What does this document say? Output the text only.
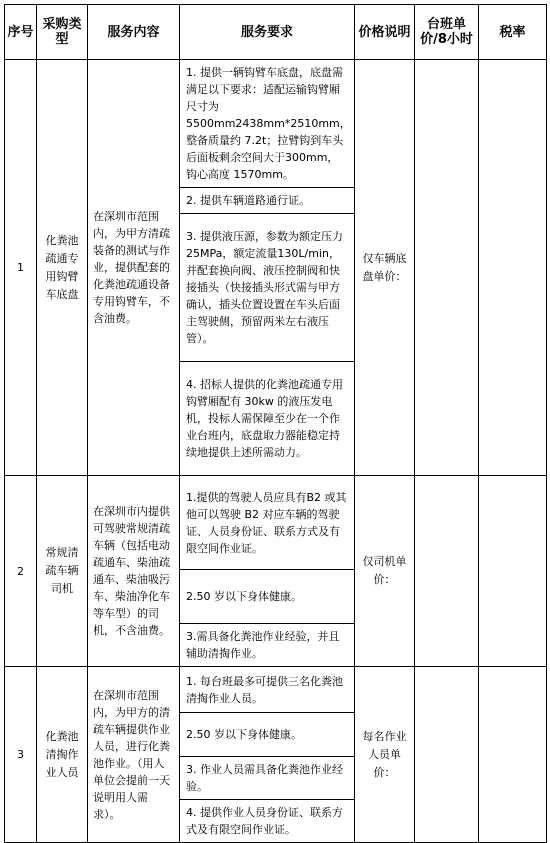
序号	采购类型	服务内容	服务要求	价格说明	台班单价/8小时	税率
1	化粪池疏通专用钩臂车底盘	在深圳市范围内，为甲方清疏装备的测试与作业，提供配套的化粪池疏通设备专用钩臂车，不含油费。	1. 提供一辆钩臂车底盘，底盘需满足以下要求：适配运输钩臂厢尺寸为5500mm2438mm*2510mm，整备质量约 7.2t；拉臂钩到车头后面板剩余空间大于300mm，钩心高度 1570mm。	仅车辆底盘单价：		
			2. 提供车辆道路通行证。			
			3. 提供液压源，参数为额定压力 25MPa，额定流量130L/min，并配套换向阀、液压控制阀和快接插头（快接插头形式需与甲方确认，插头位置设置在车头后面主驾驶侧，预留两米左右液压管）。			
			4. 招标人提供的化粪池疏通专用钩臂厢配有 30kw 的液压发电机，投标人需保障至少在一个作业台班内，底盘取力器能稳定持续地提供上述所需动力。			
2	常规清疏车辆司机	在深圳市内提供可驾驶常规清疏车辆（包括电动疏通车、柴油疏通车、柴油吸污车、柴油净化车等车型）的司机，不含油费。	1.提供的驾驶人员应具有B2 或其他可以驾驶 B2 对应车辆的驾驶证、人员身份证、联系方式及有限空间作业证。	仅司机单价：		
			2.50 岁以下身体健康。			
			3.需具备化粪池作业经验，并且辅助清掏作业。			
3	化粪池清掏作业人员	在深圳市范围内，为甲方的清疏车辆提供作业人员，进行化粪池作业。（用人单位会提前一天说明用人需求）。	1. 每台班最多可提供三名化粪池清掏作业人员。	每名作业人员单价：		
			2.50 岁以下身体健康。			
			3. 作业人员需具备化粪池作业经验。			
			4. 提供作业人员身份证、联系方式及有限空间作业证。			
